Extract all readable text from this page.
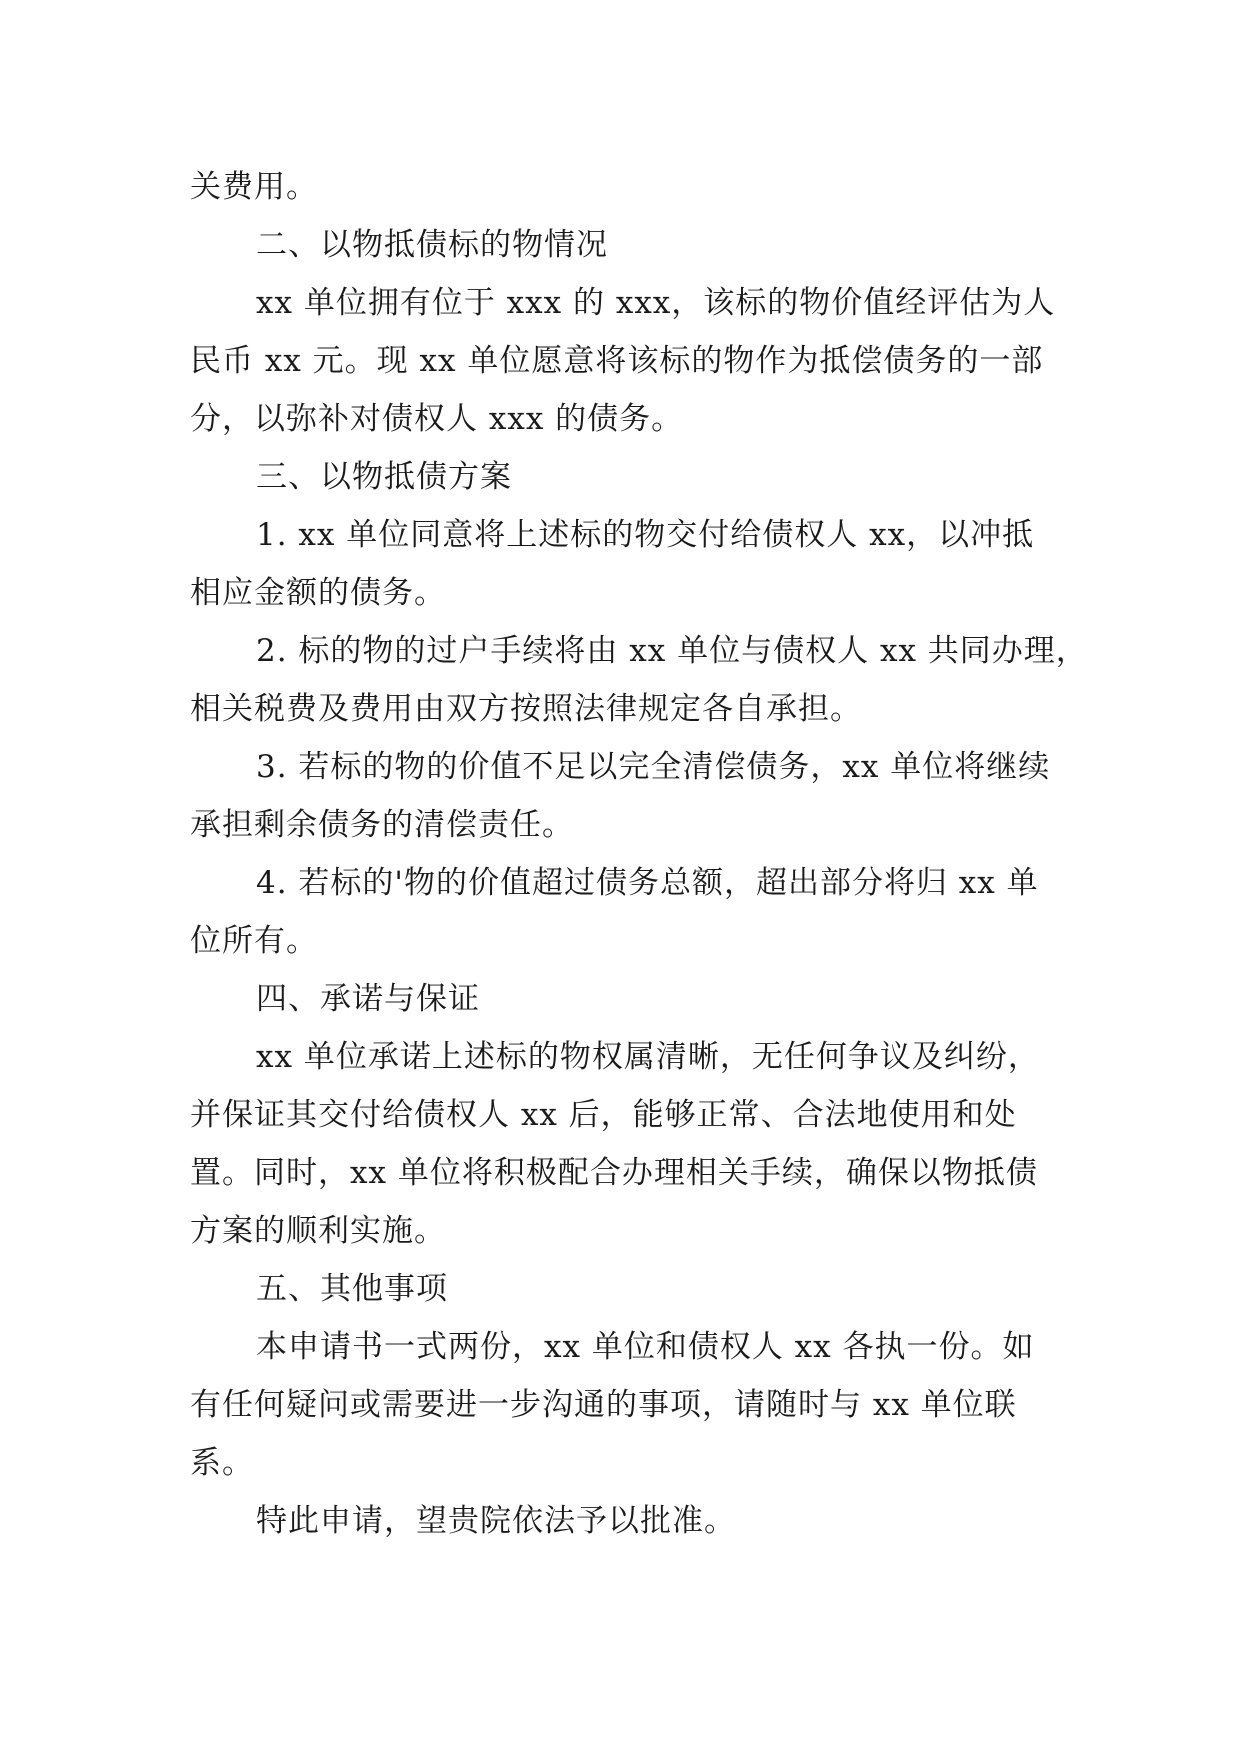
关费用。
二、以物抵债标的物情况
xx 单位拥有位于 xxx 的 xxx，该标的物价值经评估为人
民币 xx 元。现 xx 单位愿意将该标的物作为抵偿债务的一部
分，以弥补对债权人 xxx 的债务。
三、以物抵债方案
1. xx 单位同意将上述标的物交付给债权人 xx，以冲抵
相应金额的债务。
2. 标的物的过户手续将由 xx 单位与债权人 xx 共同办理，
相关税费及费用由双方按照法律规定各自承担。
3. 若标的物的价值不足以完全清偿债务，xx 单位将继续
承担剩余债务的清偿责任。
4. 若标的'物的价值超过债务总额，超出部分将归 xx 单
位所有。
四、承诺与保证
xx 单位承诺上述标的物权属清晰，无任何争议及纠纷，
并保证其交付给债权人 xx 后，能够正常、合法地使用和处
置。同时，xx 单位将积极配合办理相关手续，确保以物抵债
方案的顺利实施。
五、其他事项
本申请书一式两份，xx 单位和债权人 xx 各执一份。如
有任何疑问或需要进一步沟通的事项，请随时与 xx 单位联
系。
特此申请，望贵院依法予以批准。
